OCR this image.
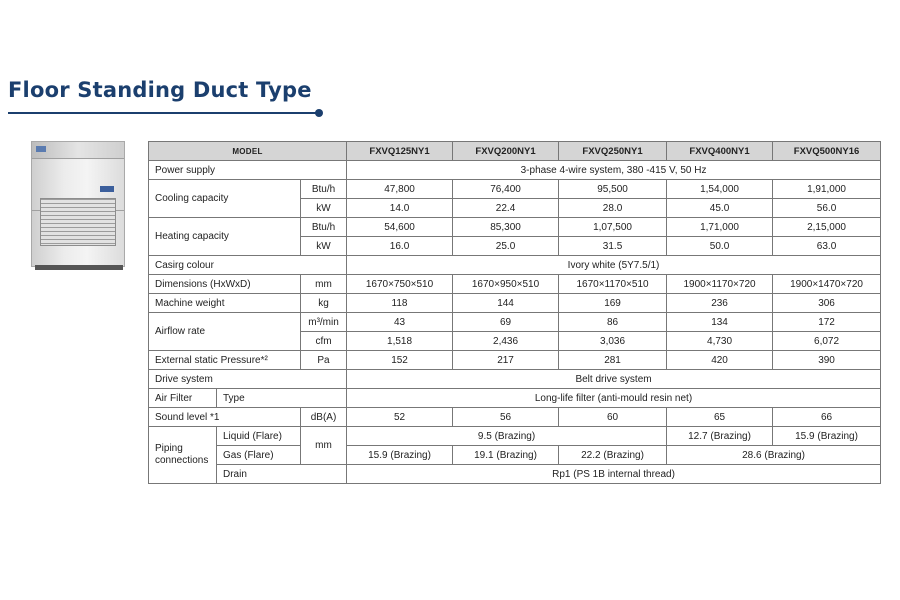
Floor Standing Duct Type
MODEL			FXVQ125NY1	FXVQ200NY1	FXVQ250NY1	FXVQ400NY1	FXVQ500NY16
Power supply			3-phase 4-wire system, 380 -415 V, 50 Hz				
Cooling capacity		Btu/h	47,800	76,400	95,500	1,54,000	1,91,000
		kW	14.0	22.4	28.0	45.0	56.0
Heating capacity		Btu/h	54,600	85,300	1,07,500	1,71,000	2,15,000
		kW	16.0	25.0	31.5	50.0	63.0
Casirg colour			Ivory white (5Y7.5/1)				
Dimensions (HxWxD)		mm	1670×750×510	1670×950×510	1670×1170×510	1900×1170×720	1900×1470×720
Machine weight		kg	118	144	169	236	306
Airflow rate		m³/min	43	69	86	134	172
		cfm	1,518	2,436	3,036	4,730	6,072
External static Pressure*²		Pa	152	217	281	420	390
Drive system			Belt drive system				
Air Filter	Type		Long-life filter (anti-mould resin net)				
Sound level *1		dB(A)	52	56	60	65	66
Piping connections	Liquid (Flare)	mm	9.5 (Brazing)			12.7 (Brazing)	15.9 (Brazing)
	Gas (Flare)		15.9 (Brazing)	19.1 (Brazing)	22.2 (Brazing)	28.6 (Brazing)	
	Drain		Rp1 (PS 1B internal thread)				
